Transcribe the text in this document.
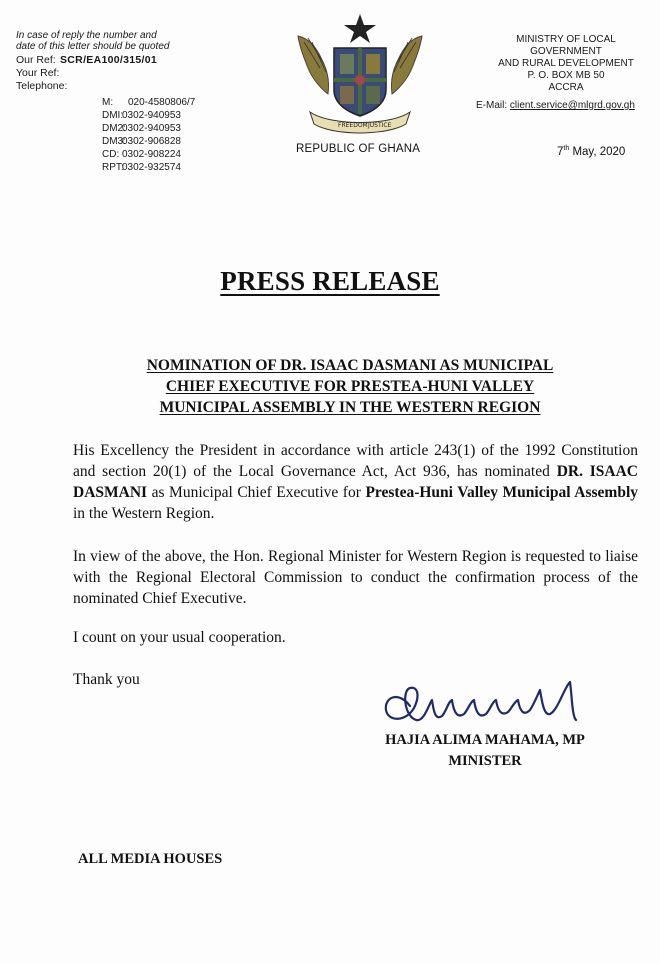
In case of reply the number and
date of this letter should be quoted
Our Ref: SCR/EA100/315/01
Your Ref:
Telephone:
M:	020-4580806/7
DMI:
0302-940953
DM2:
0302-940953
DM3:
0302-906828
CD: 0302-908224
RPT:
0302-932574
FREEDOM JUSTICE
REPUBLIC OF GHANA
MINISTRY OF LOCAL GOVERNMENT
AND RURAL DEVELOPMENT
P. O. BOX MB 50
ACCRA
E-Mail: client.service@mlgrd.gov.gh
7th May, 2020
PRESS RELEASE
NOMINATION OF DR. ISAAC DASMANI AS MUNICIPAL
CHIEF EXECUTIVE FOR PRESTEA-HUNI VALLEY
MUNICIPAL ASSEMBLY IN THE WESTERN REGION
His Excellency the President in accordance with article 243(1) of the 1992 Constitution and section 20(1) of the Local Governance Act, Act 936, has nominated DR. ISAAC DASMANI as Municipal Chief Executive for Prestea-Huni Valley Municipal Assembly in the Western Region.
In view of the above, the Hon. Regional Minister for Western Region is requested to liaise with the Regional Electoral Commission to conduct the confirmation process of the nominated Chief Executive.
I count on your usual cooperation.
Thank you
HAJIA ALIMA MAHAMA, MP
MINISTER
ALL MEDIA HOUSES
